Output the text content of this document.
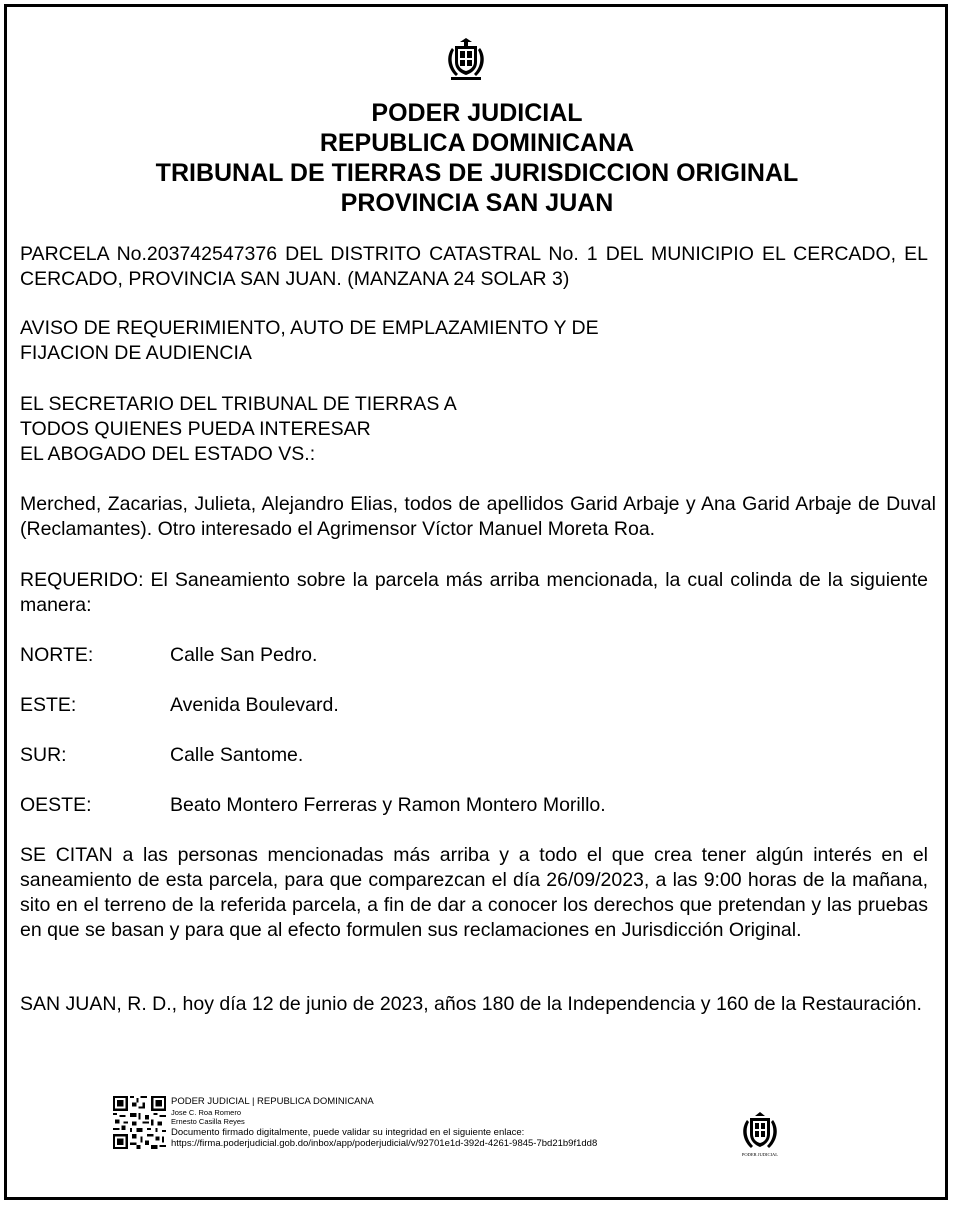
PODER JUDICIAL
REPUBLICA DOMINICANA
TRIBUNAL DE TIERRAS DE JURISDICCION ORIGINAL
PROVINCIA SAN JUAN
PARCELA No.203742547376 DEL DISTRITO CATASTRAL No. 1 DEL MUNICIPIO EL CERCADO, EL CERCADO, PROVINCIA SAN JUAN. (MANZANA 24 SOLAR 3)
AVISO DE REQUERIMIENTO, AUTO DE EMPLAZAMIENTO Y DE
FIJACION DE AUDIENCIA
EL SECRETARIO DEL TRIBUNAL DE TIERRAS A
TODOS QUIENES PUEDA INTERESAR
EL ABOGADO DEL ESTADO VS.:
Merched, Zacarias, Julieta, Alejandro Elias, todos de apellidos Garid Arbaje y Ana Garid Arbaje de Duval (Reclamantes). Otro interesado el Agrimensor Víctor Manuel Moreta Roa.
REQUERIDO: El Saneamiento sobre la parcela más arriba mencionada, la cual colinda de la siguiente manera:
NORTE:	Calle San Pedro.
ESTE:	Avenida Boulevard.
SUR:	Calle Santome.
OESTE:	Beato Montero Ferreras y Ramon Montero Morillo.
SE CITAN a las personas mencionadas más arriba y a todo el que crea tener algún interés en el saneamiento de esta parcela, para que comparezcan el día 26/09/2023, a las 9:00 horas de la mañana, sito en el terreno de la referida parcela, a fin de dar a conocer los derechos que pretendan y las pruebas en que se basan y para que al efecto formulen sus reclamaciones en Jurisdicción Original.
SAN JUAN, R. D., hoy día 12 de junio de 2023, años 180 de la Independencia y 160 de la Restauración.
PODER JUDICIAL | REPUBLICA DOMINICANA
Jose C. Roa Romero
Ernesto Casilla Reyes
Documento firmado digitalmente, puede validar su integridad en el siguiente enlace:
https://firma.poderjudicial.gob.do/inbox/app/poderjudicial/v/92701e1d-392d-4261-9845-7bd21b9f1dd8
PODER JUDICIAL
